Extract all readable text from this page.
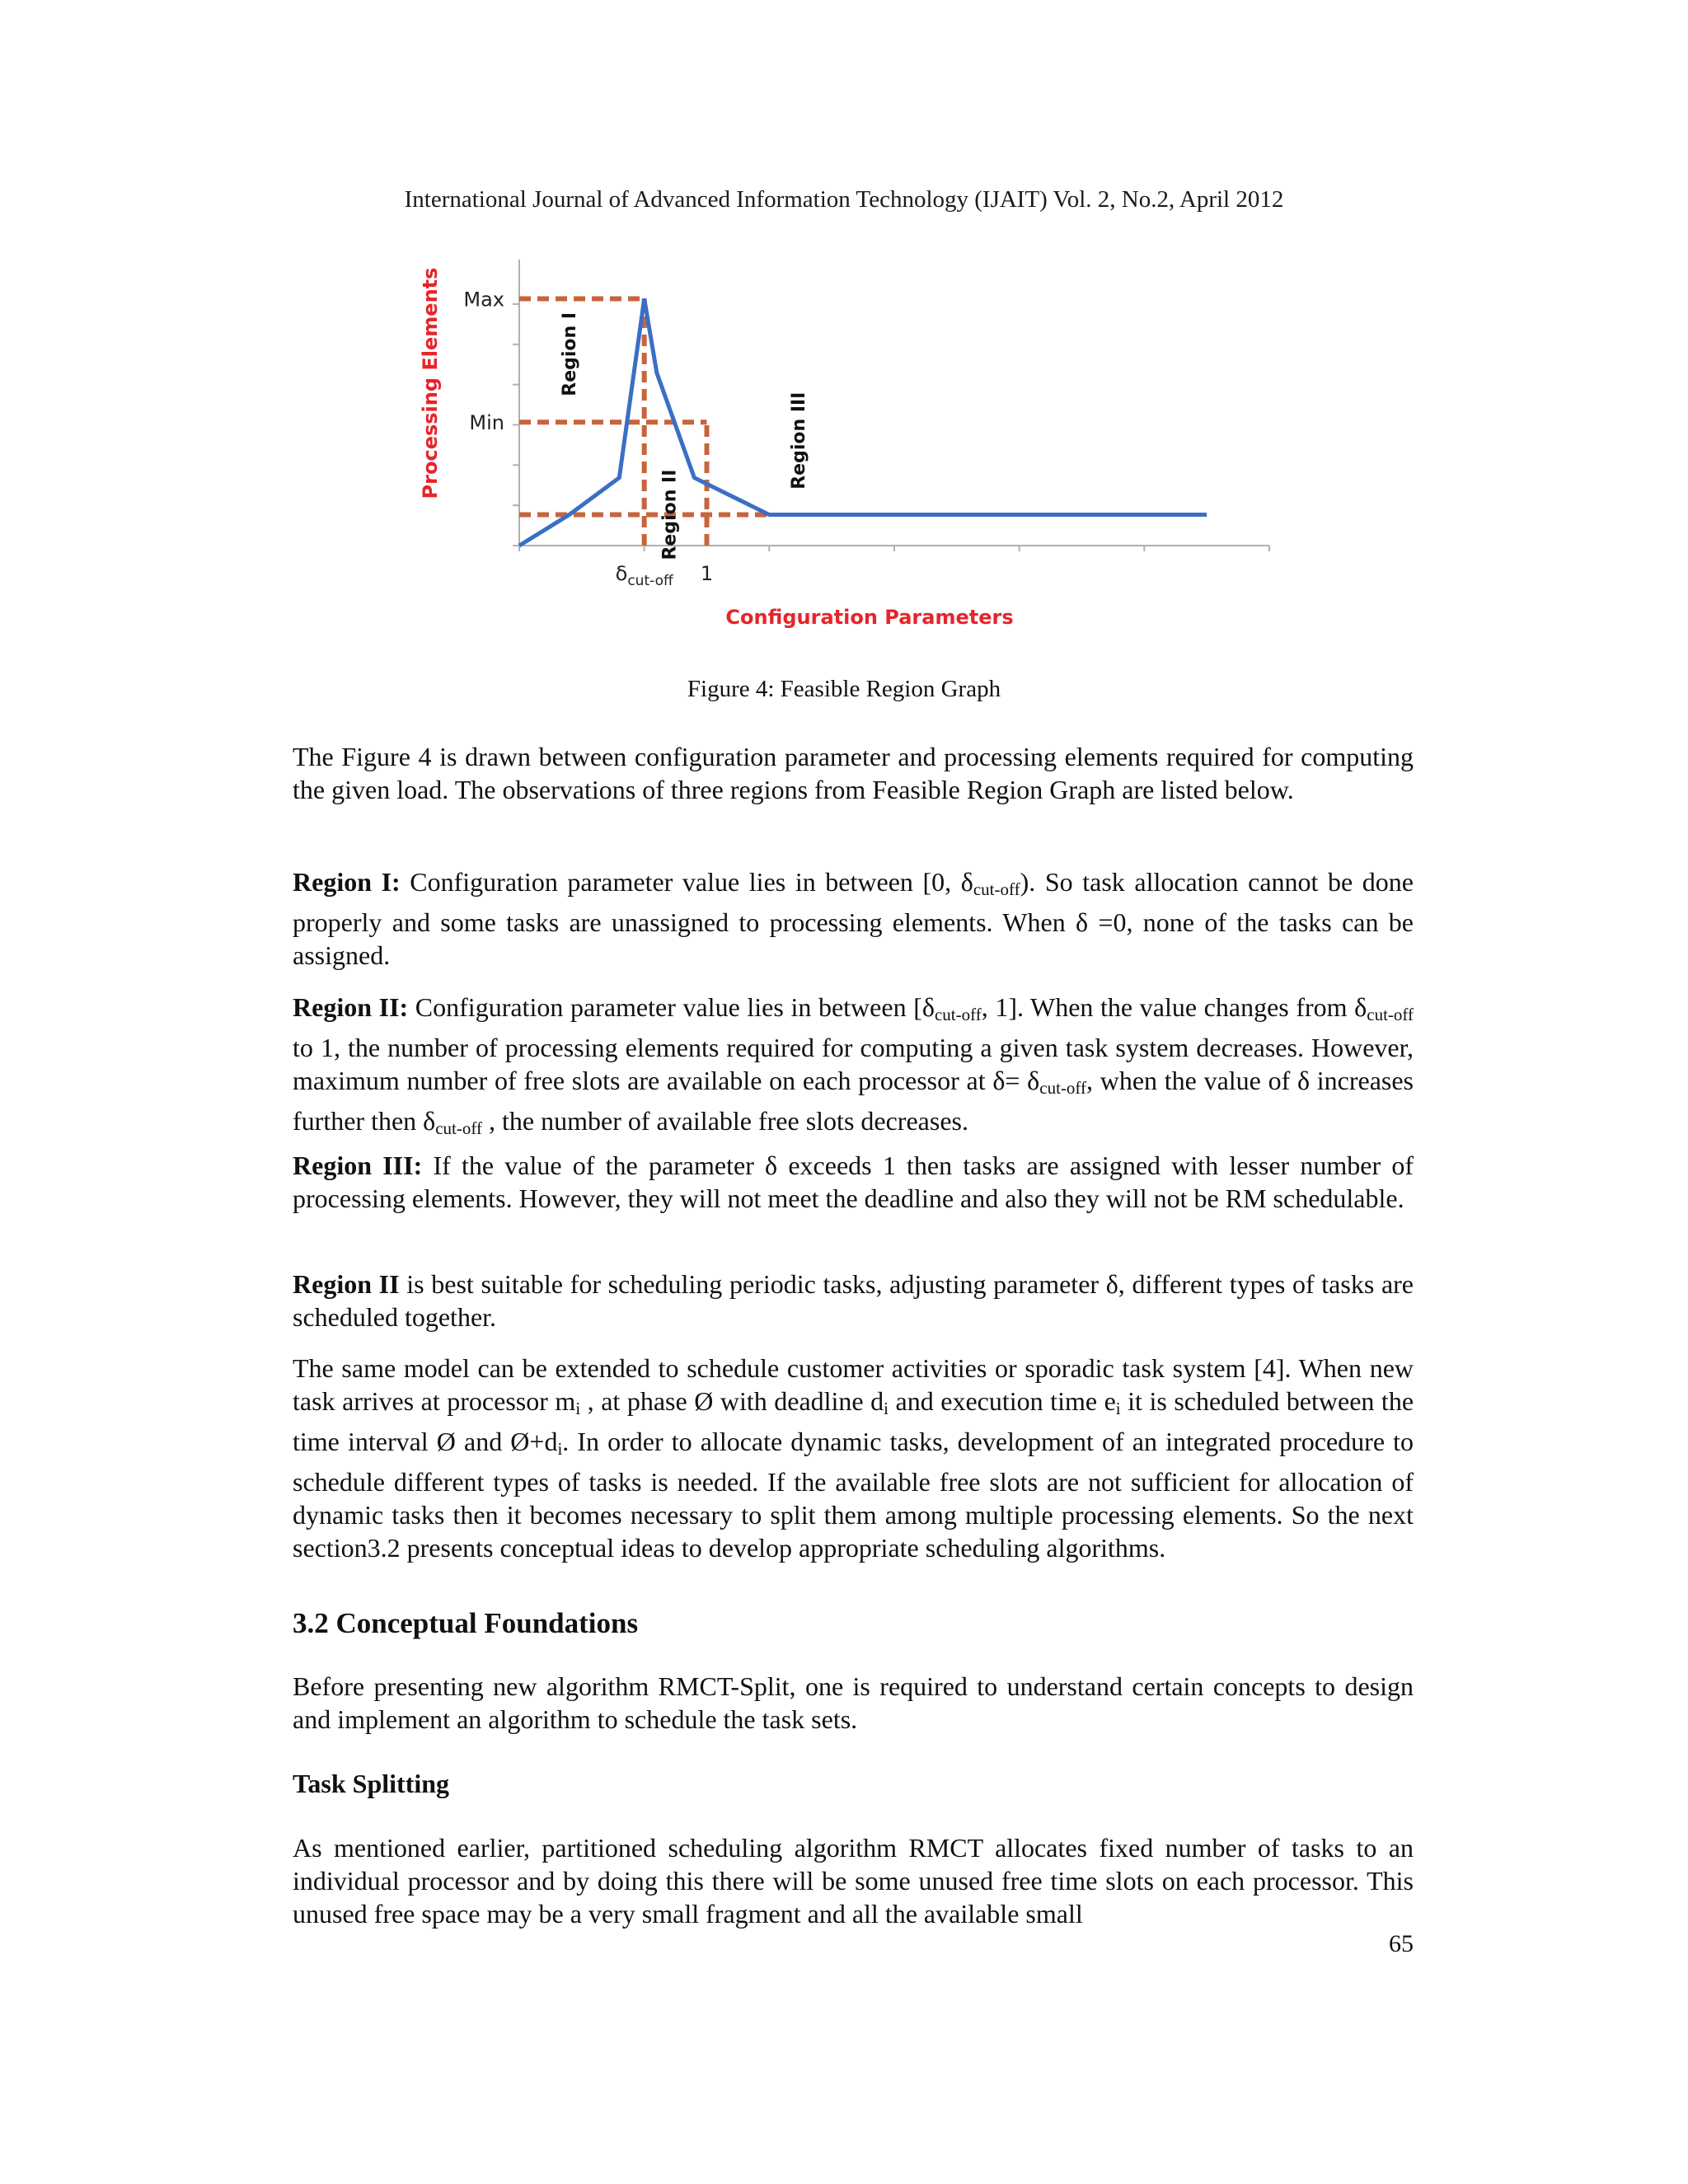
International Journal of Advanced Information Technology (IJAIT) Vol. 2, No.2, April 2012
Max
Min
$\delta_{cut-off}$ 1
Region I
Region II
Region III
Configuration Parameters
Processing Elements
Figure 4: Feasible Region Graph
The Figure 4 is drawn between configuration parameter and processing elements required for computing the given load. The observations of three regions from Feasible Region Graph are listed below.
Region I: Configuration parameter value lies in between [0, $\delta_{cut-off}$). So task allocation cannot be done properly and some tasks are unassigned to processing elements. When δ =0, none of the tasks can be assigned.
Region II: Configuration parameter value lies in between [$\delta_{cut-off}$, 1]. When the value changes from $\delta_{cut-off}$ to 1, the number of processing elements required for computing a given task system decreases. However, maximum number of free slots are available on each processor at $\delta= \delta_{cut-off}$, when the value of δ increases further then $\delta_{cut-off}$ , the number of available free slots decreases.
Region III: If the value of the parameter δ exceeds 1 then tasks are assigned with lesser number of processing elements. However, they will not meet the deadline and also they will not be RM schedulable.
Region II is best suitable for scheduling periodic tasks, adjusting parameter δ, different types of tasks are scheduled together.
The same model can be extended to schedule customer activities or sporadic task system [4]. When new task arrives at processor $m_i$ , at phase Ø with deadline $d_i$ and execution time $e_i$ it is scheduled between the time interval Ø and $Ø+d_i$. In order to allocate dynamic tasks, development of an integrated procedure to schedule different types of tasks is needed. If the available free slots are not sufficient for allocation of dynamic tasks then it becomes necessary to split them among multiple processing elements. So the next section3.2 presents conceptual ideas to develop appropriate scheduling algorithms.
3.2 Conceptual Foundations
Before presenting new algorithm RMCT-Split, one is required to understand certain concepts to design and implement an algorithm to schedule the task sets.
Task Splitting
As mentioned earlier, partitioned scheduling algorithm RMCT allocates fixed number of tasks to an individual processor and by doing this there will be some unused free time slots on each processor. This unused free space may be a very small fragment and all the available small
65
